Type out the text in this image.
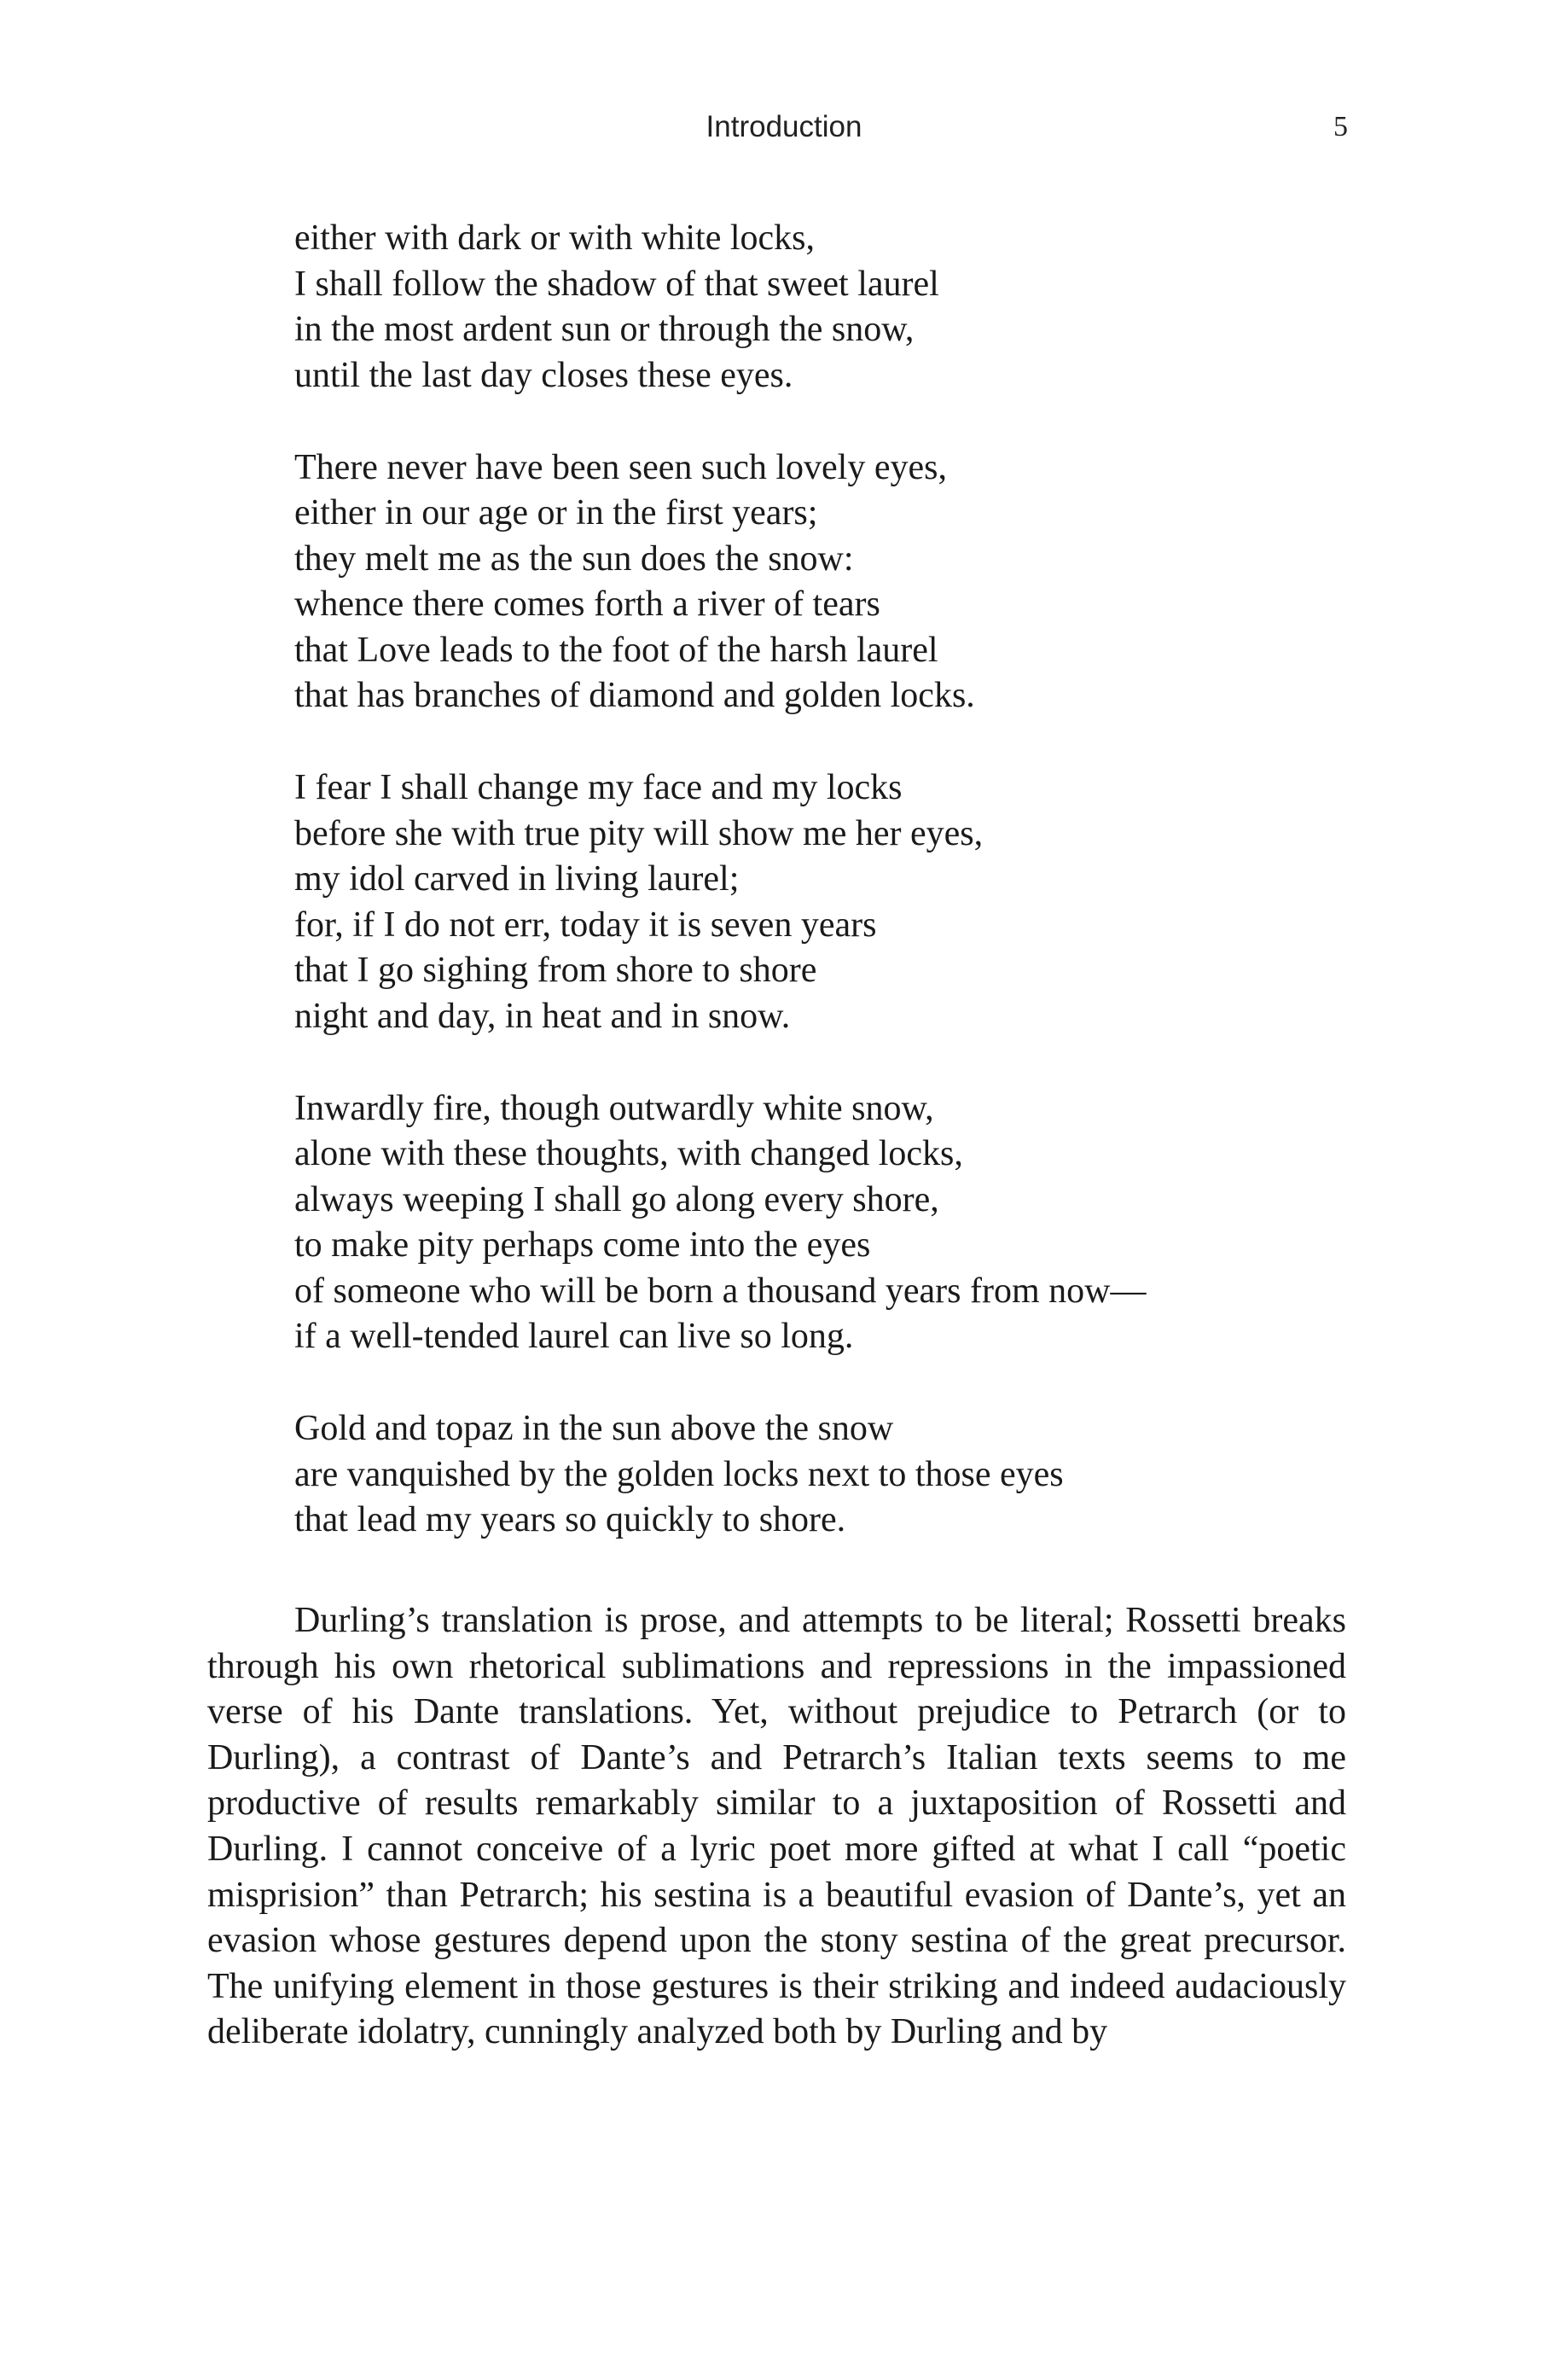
Introduction	5
either with dark or with white locks,
I shall follow the shadow of that sweet laurel
in the most ardent sun or through the snow,
until the last day closes these eyes.
There never have been seen such lovely eyes,
either in our age or in the first years;
they melt me as the sun does the snow:
whence there comes forth a river of tears
that Love leads to the foot of the harsh laurel
that has branches of diamond and golden locks.
I fear I shall change my face and my locks
before she with true pity will show me her eyes,
my idol carved in living laurel;
for, if I do not err, today it is seven years
that I go sighing from shore to shore
night and day, in heat and in snow.
Inwardly fire, though outwardly white snow,
alone with these thoughts, with changed locks,
always weeping I shall go along every shore,
to make pity perhaps come into the eyes
of someone who will be born a thousand years from now—
if a well-tended laurel can live so long.
Gold and topaz in the sun above the snow
are vanquished by the golden locks next to those eyes
that lead my years so quickly to shore.

Durling’s translation is prose, and attempts to be literal; Rossetti breaks through his own rhetorical sublimations and repressions in the impassioned verse of his Dante translations. Yet, without prejudice to Petrarch (or to Durling), a contrast of Dante’s and Petrarch’s Italian texts seems to me productive of results remarkably similar to a juxtaposition of Rossetti and Durling. I cannot conceive of a lyric poet more gifted at what I call “poetic misprision” than Petrarch; his sestina is a beautiful evasion of Dante’s, yet an evasion whose gestures depend upon the stony sestina of the great precursor. The unifying element in those gestures is their striking and indeed audaciously deliberate idolatry, cunningly analyzed both by Durling and by
